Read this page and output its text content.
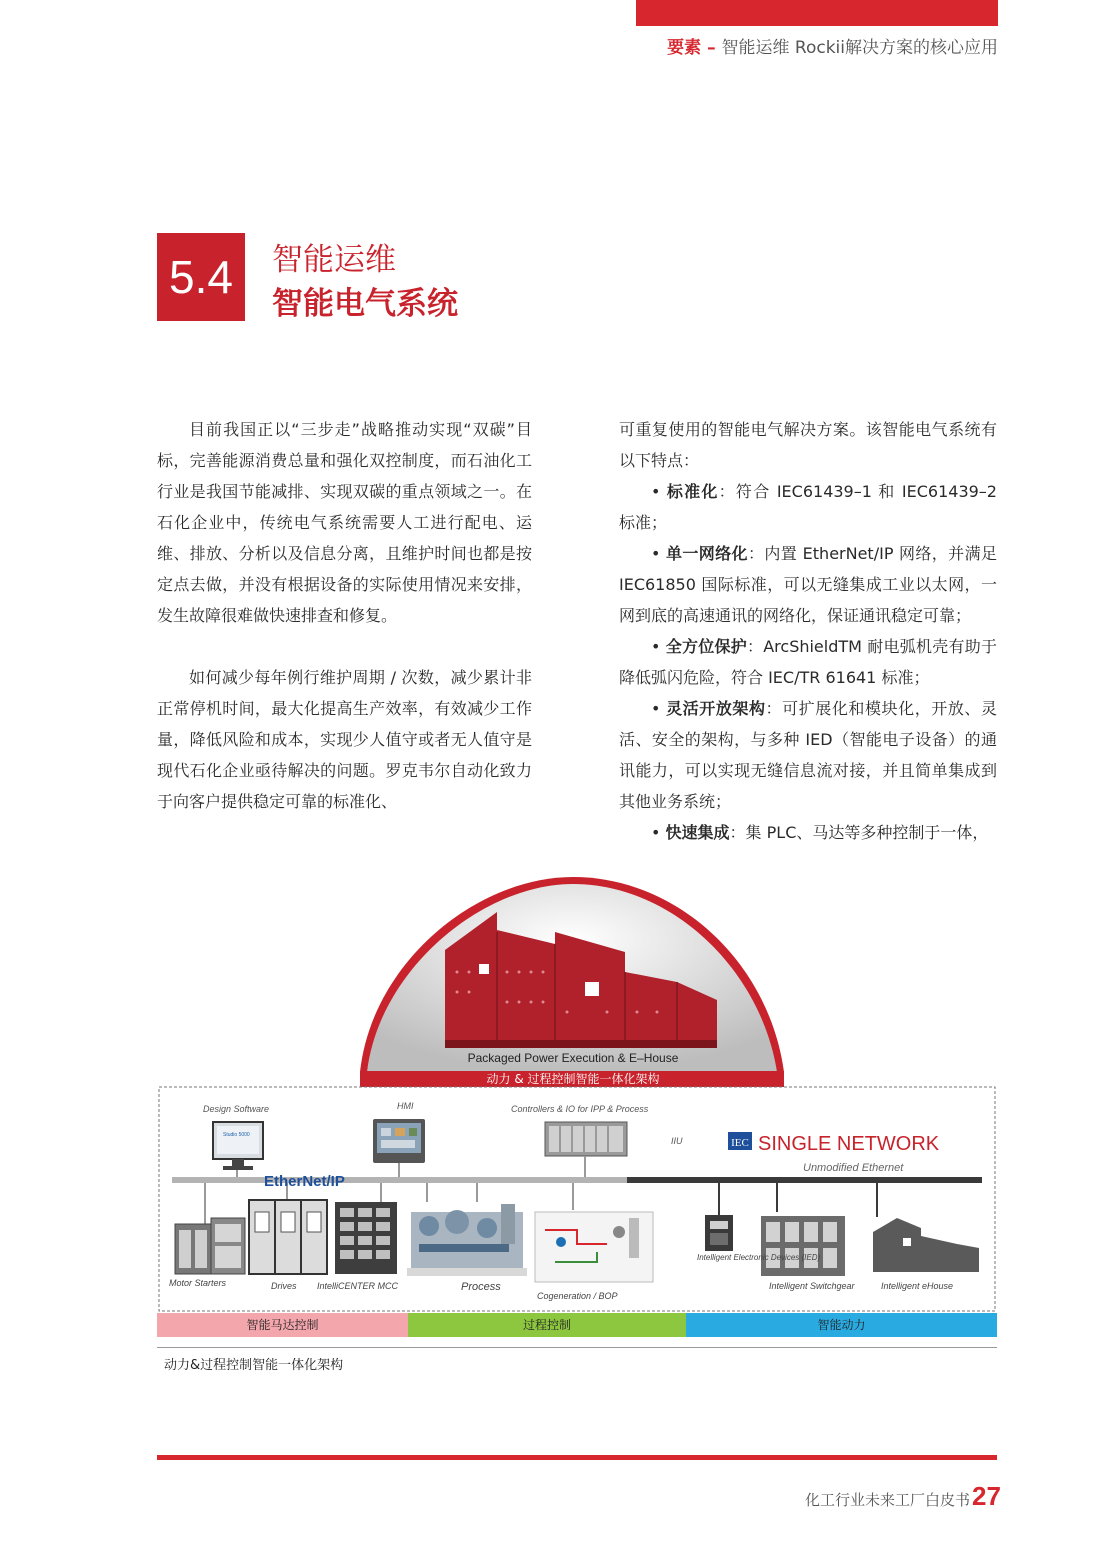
要素 – 智能运维 Rockii解决方案的核心应用
5.4	智能运维
智能电气系统

目前我国正以“三步走”战略推动实现“双碳”目标，完善能源消费总量和强化双控制度，而石油化工行业是我国节能减排、实现双碳的重点领域之一。在石化企业中，传统电气系统需要人工进行配电、运维、排放、分析以及信息分离，且维护时间也都是按定点去做，并没有根据设备的实际使用情况来安排，发生故障很难做快速排查和修复。

如何减少每年例行维护周期 / 次数，减少累计非正常停机时间，最大化提高生产效率，有效减少工作量，降低风险和成本，实现少人值守或者无人值守是现代石化企业亟待解决的问题。罗克韦尔自动化致力于向客户提供稳定可靠的标准化、

可重复使用的智能电气解决方案。该智能电气系统有以下特点：

• 标准化：符合 IEC61439–1 和 IEC61439–2 标准；

• 单一网络化：内置 EtherNet/IP 网络，并满足 IEC61850 国际标准，可以无缝集成工业以太网，一网到底的高速通讯的网络化，保证通讯稳定可靠；

• 全方位保护：ArcShieldTM 耐电弧机壳有助于降低弧闪危险，符合 IEC/TR 61641 标准；

• 灵活开放架构：可扩展化和模块化，开放、灵活、安全的架构，与多种 IED（智能电子设备）的通讯能力，可以实现无缝信息流对接，并且简单集成到其他业务系统；

• 快速集成：集 PLC、马达等多种控制于一体，

Packaged Power Execution & E–House
动力 & 过程控制智能一体化架构
Design Software	HMI	Controllers & IO for IPP & Process
IIU
Studio 5000
IEC SINGLE NETWORK
Unmodified Ethernet
EtherNet/IP
Motor Starters	Drives IntelliCENTER MCC	Process
Cogeneration / BOP
Intelligent Electronic Devices (IED)
Intelligent Switchgear	Intelligent eHouse
智能马达控制	过程控制	智能动力
动力&过程控制智能一体化架构
化工行业未来工厂白皮书 27
